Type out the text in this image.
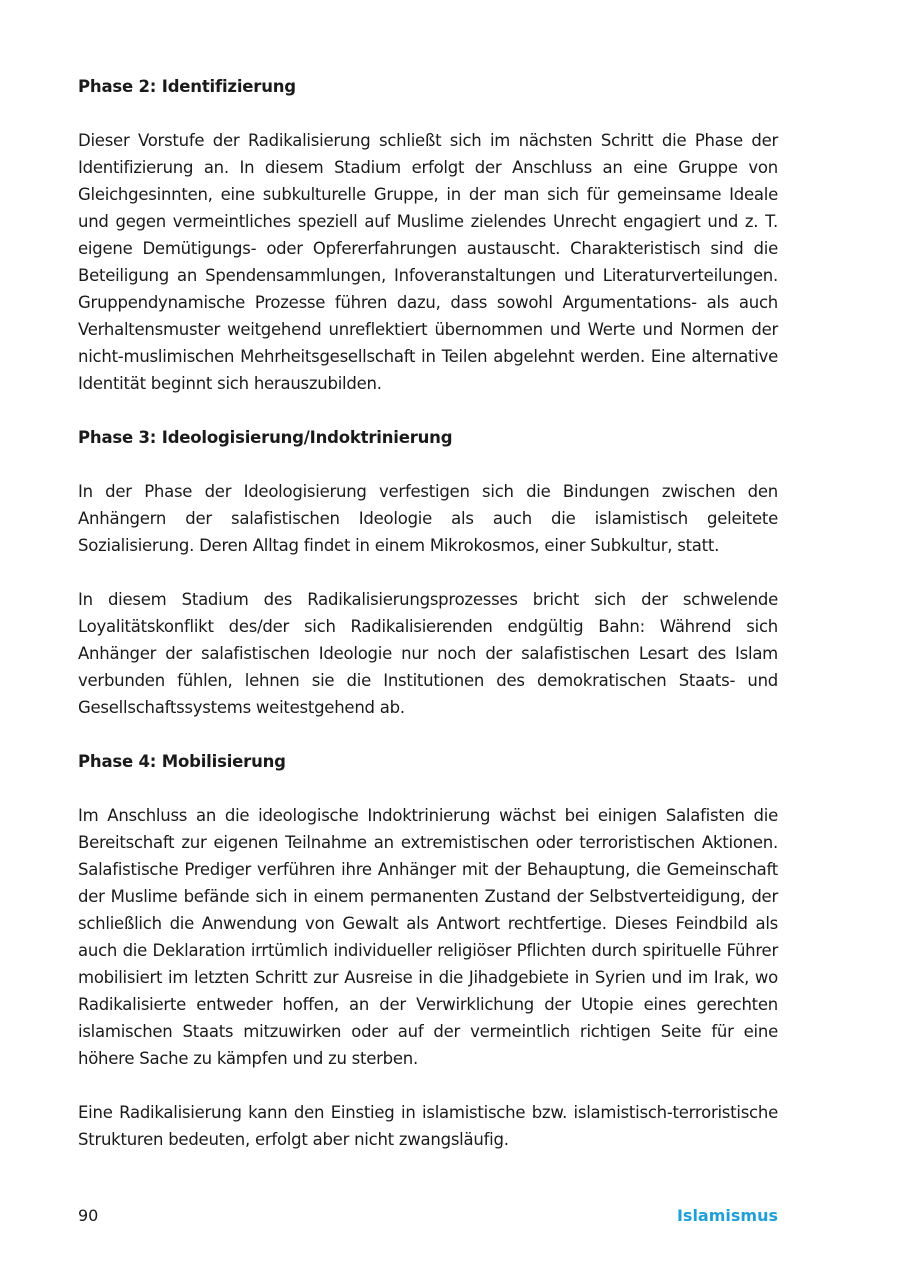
Phase 2: Identifizierung

Dieser Vorstufe der Radikalisierung schließt sich im nächsten Schritt die Phase der Identifizierung an. In diesem Stadium erfolgt der Anschluss an eine Gruppe von Gleichgesinnten, eine subkulturelle Gruppe, in der man sich für gemeinsame Ideale und gegen vermeintliches speziell auf Muslime zielendes Unrecht engagiert und z. T. eigene Demütigungs- oder Opfererfahrungen austauscht. Charakteristisch sind die Beteiligung an Spendensammlungen, Infoveranstaltungen und Literaturverteilungen. Gruppendynamische Prozesse führen dazu, dass sowohl Argumentations- als auch Verhaltensmuster weitgehend unreflektiert übernommen und Werte und Normen der nicht-muslimischen Mehrheitsgesellschaft in Teilen abgelehnt werden. Eine alternative Identität beginnt sich herauszubilden.

Phase 3: Ideologisierung/Indoktrinierung

In der Phase der Ideologisierung verfestigen sich die Bindungen zwischen den Anhängern der salafistischen Ideologie als auch die islamistisch geleitete Sozialisierung. Deren Alltag findet in einem Mikrokosmos, einer Subkultur, statt.

In diesem Stadium des Radikalisierungsprozesses bricht sich der schwelende Loyalitätskonflikt des/der sich Radikalisierenden endgültig Bahn: Während sich Anhänger der salafistischen Ideologie nur noch der salafistischen Lesart des Islam verbunden fühlen, lehnen sie die Institutionen des demokratischen Staats- und Gesellschaftssystems weitestgehend ab.

Phase 4: Mobilisierung

Im Anschluss an die ideologische Indoktrinierung wächst bei einigen Salafisten die Bereitschaft zur eigenen Teilnahme an extremistischen oder terroristischen Aktionen. Salafistische Prediger verführen ihre Anhänger mit der Behauptung, die Gemeinschaft der Muslime befände sich in einem permanenten Zustand der Selbstverteidigung, der schließlich die Anwendung von Gewalt als Antwort rechtfertige. Dieses Feindbild als auch die Deklaration irrtümlich individueller religiöser Pflichten durch spirituelle Führer mobilisiert im letzten Schritt zur Ausreise in die Jihadgebiete in Syrien und im Irak, wo Radikalisierte entweder hoffen, an der Verwirklichung der Utopie eines gerechten islamischen Staats mitzuwirken oder auf der vermeintlich richtigen Seite für eine höhere Sache zu kämpfen und zu sterben.

Eine Radikalisierung kann den Einstieg in islamistische bzw. islamistisch-terroristische Strukturen bedeuten, erfolgt aber nicht zwangsläufig.

90	Islamismus
